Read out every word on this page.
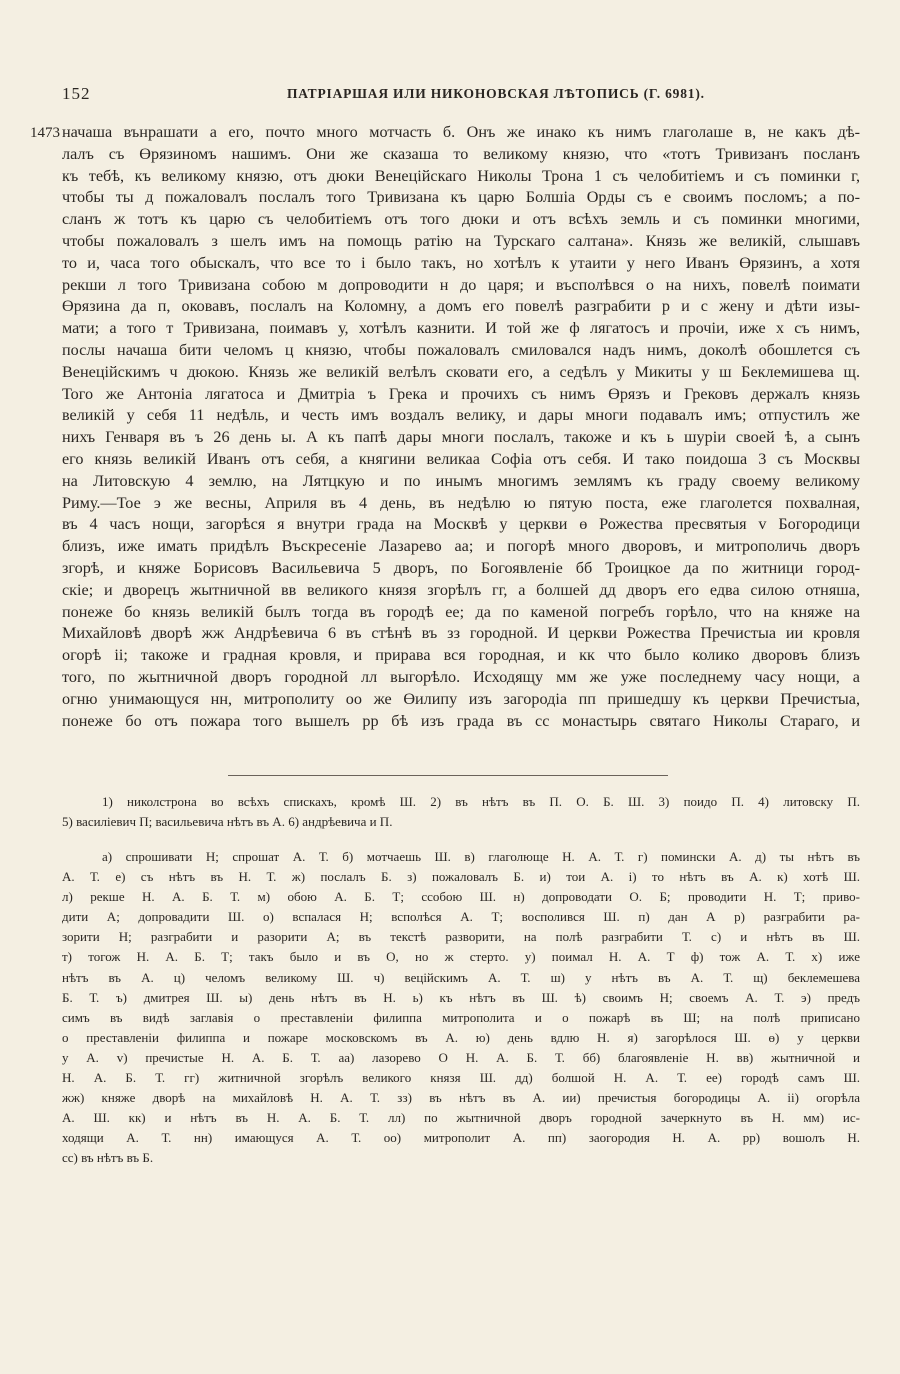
152	ПАТРІАРШАЯ ИЛИ НИКОНОВСКАЯ ЛѢТОПИСЬ (Г. 6981).
1473 начаша вънрашати а его, почто много мотчасть б. Онъ же инако къ нимъ глаголаше в, не какъ дѣ-
лалъ съ Өрязиномъ нашимъ. Они же сказаша то великому князю, что «тотъ Тривизанъ посланъ
къ тебѣ, къ великому князю, отъ дюки Венеційскаго Николы Трона 1 съ челобитіемъ и съ поминки г,
чтобы ты д пожаловалъ послалъ того Тривизана къ царю Болшiа Орды съ е своимъ посломъ; а по-
сланъ ж тотъ къ царю съ челобитіемъ отъ того дюки и отъ всѣхъ земль и съ поминки многими,
чтобы пожаловалъ з шелъ имъ на помощь ратiю на Турскаго салтана». Князь же великій, слышавъ
то и, часа того обыскалъ, что все то і было такъ, но хотѣлъ к утаити у него Иванъ Өрязинъ, а хотя
рекши л того Тривизана собою м допроводити н до царя; и въсполѣвся о на нихъ, повелѣ поимати
Өрязина да п, оковавъ, послалъ на Коломну, а домъ его повелѣ разграбити р и с жену и дѣти изы-
мати; а того т Тривизана, поимавъ у, хотѣлъ казнити. И той же ф лягатосъ и прочіи, иже х съ нимъ,
послы начаша бити челомъ ц князю, чтобы пожаловалъ смиловался надъ нимъ, доколѣ обошлется съ
Венецiйскимъ ч дюкою. Князь же великій велѣлъ сковати его, а седѣлъ у Микиты у ш Беклемишева щ.
Того же Антоніа лягатоса и Дмитріа ъ Грека и прочихъ съ нимъ Өрязъ и Грековъ держалъ князь
великій у себя 11 недѣль, и честь имъ воздалъ велику, и дары многи подавалъ имъ; отпустилъ же
нихъ Генваря въ ъ 26 день ы. А къ папѣ дары многи послалъ, такоже и къ ь шуріи своей ѣ, а сынъ
его князь великій Иванъ отъ себя, а княгини великаа Софіа отъ себя. И тако поидоша 3 съ Москвы
на Литовскую 4 землю, на Лятцкую и по инымъ многимъ землямъ къ граду своему великому
Риму.—Тое э же весны, Априля въ 4 день, въ недѣлю ю пятую поста, еже глаголется похвалная,
въ 4 часъ нощи, загорѣся я внутри града на Москвѣ у церкви ө Рожества пресвятыя v Богородици
близъ, иже имать придѣлъ Въскресеніе Лазарево аа; и погорѣ много дворовъ, и митрополичь дворъ
згорѣ, и княже Борисовъ Васильевича 5 дворъ, по Богоявленіе бб Троицкое да по житници город-
скіе; и дворецъ жытничной вв великого князя згорѣлъ гг, а болшей дд дворъ его едва силою отняша,
понеже бо князь великій былъ тогда въ городѣ ее; да по каменой погребъ горѣло, что на княже на
Михайловѣ дворѣ жж Андрѣевича 6 въ стѣнѣ въ зз городной. И церкви Рожества Пречистыа ии кровля
огорѣ іі; такоже и градная кровля, и прирава вся городная, и кк что было колико дворовъ близъ
того, по жытничной дворъ городной лл выгорѣло. Исходящу мм же уже последнему часу нощи, а
огню унимающуся нн, митрополиту оо же Өилипу изъ загородіа пп пришедшу къ церкви Пречистыа,
понеже бо отъ пожара того вышелъ рр бѣ изъ града въ сс монастырь святаго Николы Стараго, и
1) николстрона во всѣхъ спискахъ, кромѣ Ш. 2) въ нѣтъ въ П. О. Б. Ш. 3) поидо П. 4) литовску П.
5) василіевич П; васильевича нѣтъ въ А. 6) андрѣевича и П.
а) спрошивати Н; спрошат А. Т. б) мотчаешь Ш. в) глаголюще Н. А. Т. г) помински А. д) ты нѣтъ въ
А. Т. е) съ нѣтъ въ Н. Т. ж) послалъ Б. з) пожаловалъ Б. и) тои А. і) то нѣтъ въ А. к) хотѣ Ш.
л) рекше Н. А. Б. Т. м) обою А. Б. Т; ссобою Ш. н) допроводати О. Б; проводити Н. Т; приво-
дити А; допровадити Ш. о) вспалася Н; всполѣся А. Т; восполився Ш. п) дан А р) разграбити ра-
зорити Н; разграбити и разорити А; въ текстѣ разворити, на полѣ разграбити Т. с) и нѣтъ въ Ш.
т) тогож Н. А. Б. Т; такъ было и въ О, но ж стерто. у) поимал Н. А. Т ф) тож А. Т. х) иже
нѣтъ въ А. ц) челомъ великому Ш. ч) веційскимъ А. Т. ш) у нѣтъ въ А. Т. щ) беклемешева
Б. Т. ъ) дмитрея Ш. ы) день нѣтъ въ Н. ь) къ нѣтъ въ Ш. ѣ) своимъ Н; своемъ А. Т. э) предъ
симъ въ видѣ заглавія о преставленіи филиппа митрополита и о пожарѣ въ Ш; на полѣ приписано
о преставленіи филиппа и пожаре московскомъ въ А. ю) день вдлю Н. я) загорѣлося Ш. ө) у церкви
у А. v) пречистые Н. А. Б. Т. аа) лазорево О Н. А. Б. Т. бб) благоявленіе Н. вв) жытничной и
Н. А. Б. Т. гг) житничной згорѣлъ великого князя Ш. дд) болшой Н. А. Т. ее) городѣ самъ Ш.
жж) княже дворѣ на михайловѣ Н. А. Т. зз) въ нѣтъ въ А. ии) пречистыя богородицы А. іі) огорѣла
А. Ш. кк) и нѣтъ въ Н. А. Б. Т. лл) по жытничной дворъ городной зачеркнуто въ Н. мм) ис-
ходящи А. Т. нн) имающуся А. Т. оо) митрополит А. пп) заогородия Н. А. рр) вошолъ Н.
сс) въ нѣтъ въ Б.
